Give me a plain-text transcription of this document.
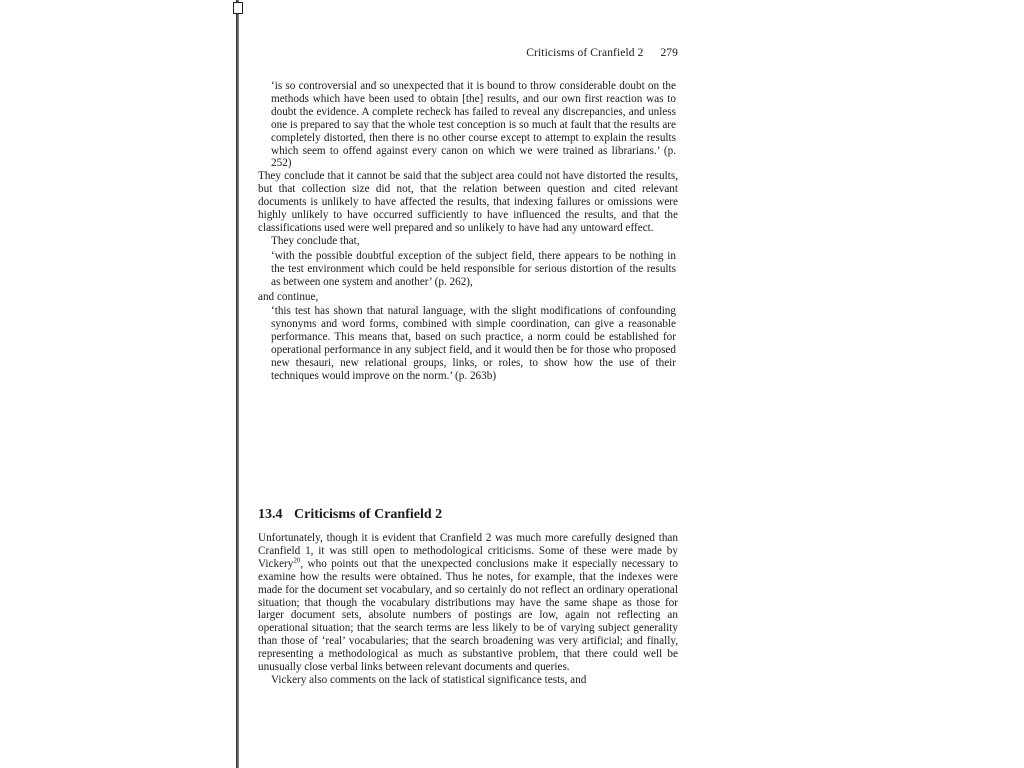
Criticisms of Cranfield 2 279

‘is so controversial and so unexpected that it is bound to throw considerable doubt on the methods which have been used to obtain [the] results, and our own first reaction was to doubt the evidence. A complete recheck has failed to reveal any discrepancies, and unless one is prepared to say that the whole test conception is so much at fault that the results are completely distorted, then there is no other course except to attempt to explain the results which seem to offend against every canon on which we were trained as librarians.’ (p. 252)

They conclude that it cannot be said that the subject area could not have distorted the results, but that collection size did not, that the relation between question and cited relevant documents is unlikely to have affected the results, that indexing failures or omissions were highly unlikely to have occurred sufficiently to have influenced the results, and that the classifications used were well prepared and so unlikely to have had any untoward effect.

They conclude that,

‘with the possible doubtful exception of the subject field, there appears to be nothing in the test environment which could be held responsible for serious distortion of the results as between one system and another’ (p. 262),

and continue,

‘this test has shown that natural language, with the slight modifications of confounding synonyms and word forms, combined with simple coordination, can give a reasonable performance. This means that, based on such practice, a norm could be established for operational performance in any subject field, and it would then be for those who proposed new thesauri, new relational groups, links, or roles, to show how the use of their techniques would improve on the norm.’ (p. 263b)

13.4 Criticisms of Cranfield 2

Unfortunately, though it is evident that Cranfield 2 was much more carefully designed than Cranfield 1, it was still open to methodological criticisms. Some of these were made by Vickery$^{20}$, who points out that the unexpected conclusions make it especially necessary to examine how the results were obtained. Thus he notes, for example, that the indexes were made for the document set vocabulary, and so certainly do not reflect an ordinary operational situation; that though the vocabulary distributions may have the same shape as those for larger document sets, absolute numbers of postings are low, again not reflecting an operational situation; that the search terms are less likely to be of varying subject generality than those of ‘real’ vocabularies; that the search broadening was very artificial; and finally, representing a methodological as much as substantive problem, that there could well be unusually close verbal links between relevant documents and queries.

Vickery also comments on the lack of statistical significance tests, and
